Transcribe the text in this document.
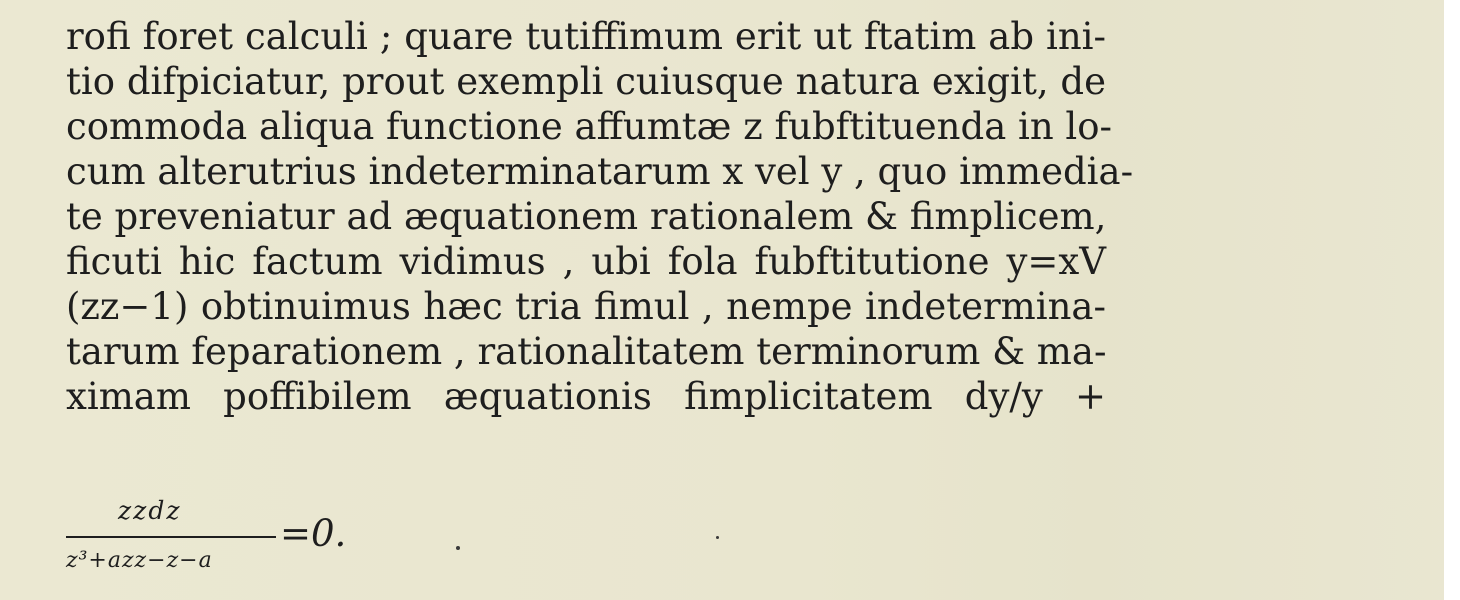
rofi foret calculi ; quare tutiffimum erit ut ftatim ab ini-
tio difpiciatur, prout exempli cuiusque natura exigit, de
commoda aliqua functione affumtæ z fubftituenda in lo-
cum alterutrius indeterminatarum x vel y , quo immedia-
te preveniatur ad æquationem rationalem & fimplicem,
ficuti hic factum vidimus , ubi fola fubftitutione y=xV
(zz−1) obtinuimus hæc tria fimul , nempe indetermina-
tarum feparationem , rationalitatem terminorum & ma-
ximam poffibilem æquationis fimplicitatem dy/y +
zzdz
z³+azz−z−a
=0.
